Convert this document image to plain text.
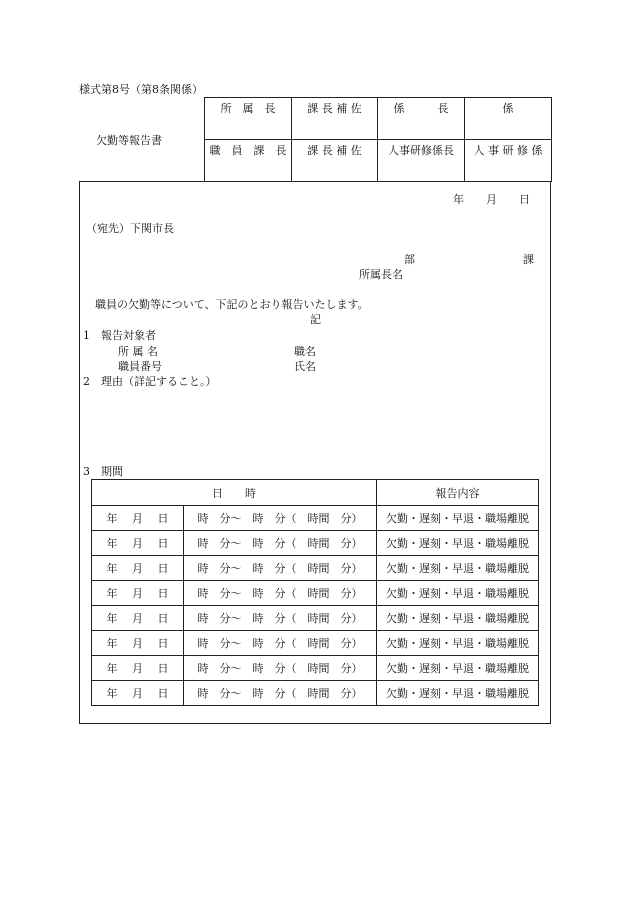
様式第8号（第8条関係）
欠勤等報告書
所　属　長	課 長 補 佐	係　　　長	係

職　員　課　長	課 長 補 佐	人事研修係長	人 事 研 修 係
年　　月　　日
（宛先）下関市長
部	課
所属長名
職員の欠勤等について、下記のとおり報告いたします。
記
1　報告対象者
所 属 名	職名
職員番号	氏名
2　理由（詳記すること。）
3　期間
日　　時		報告内容
年　 月　 日	時　分～　時　分（　時間　分）	欠勤・遅刻・早退・職場離脱
年　 月　 日	時　分～　時　分（　時間　分）	欠勤・遅刻・早退・職場離脱
年　 月　 日	時　分～　時　分（　時間　分）	欠勤・遅刻・早退・職場離脱
年　 月　 日	時　分～　時　分（　時間　分）	欠勤・遅刻・早退・職場離脱
年　 月　 日	時　分～　時　分（　時間　分）	欠勤・遅刻・早退・職場離脱
年　 月　 日	時　分～　時　分（　時間　分）	欠勤・遅刻・早退・職場離脱
年　 月　 日	時　分～　時　分（　時間　分）	欠勤・遅刻・早退・職場離脱
年　 月　 日	時　分～　時　分（　時間　分）	欠勤・遅刻・早退・職場離脱
